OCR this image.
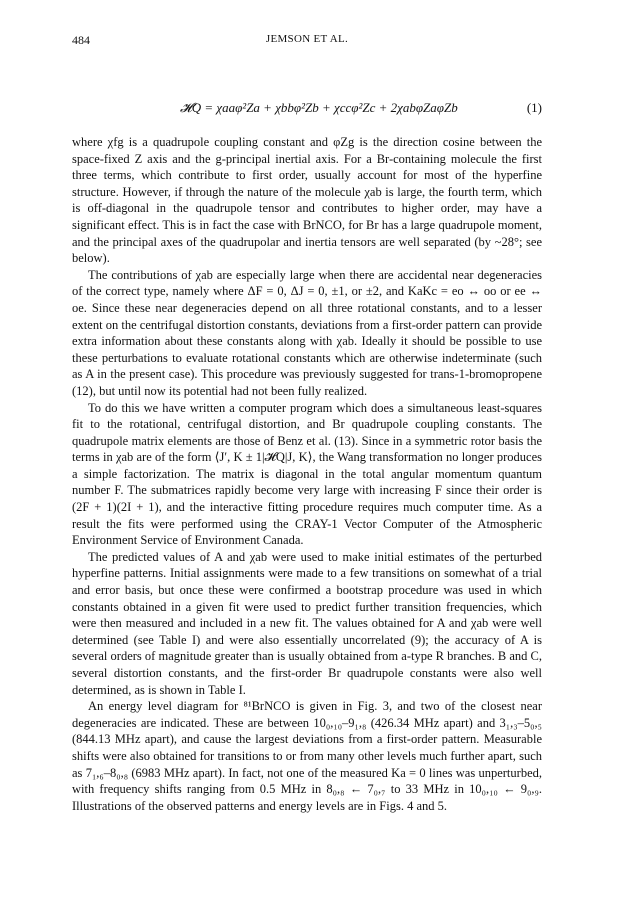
484	JEMSON ET AL.
𝓗Q = χaaφ²Za + χbbφ²Zb + χccφ²Zc + 2χabφZaφZb	(1)

where χfg is a quadrupole coupling constant and φZg is the direction cosine between the space-fixed Z axis and the g-principal inertial axis. For a Br-containing molecule the first three terms, which contribute to first order, usually account for most of the hyperfine structure. However, if through the nature of the molecule χab is large, the fourth term, which is off-diagonal in the quadrupole tensor and contributes to higher order, may have a significant effect. This is in fact the case with BrNCO, for Br has a large quadrupole moment, and the principal axes of the quadrupolar and inertia tensors are well separated (by ~28°; see below).

The contributions of χab are especially large when there are accidental near degeneracies of the correct type, namely where ΔF = 0, ΔJ = 0, ±1, or ±2, and KaKc = eo ↔ oo or ee ↔ oe. Since these near degeneracies depend on all three rotational constants, and to a lesser extent on the centrifugal distortion constants, deviations from a first-order pattern can provide extra information about these constants along with χab. Ideally it should be possible to use these perturbations to evaluate rotational constants which are otherwise indeterminate (such as A in the present case). This procedure was previously suggested for trans-1-bromopropene (12), but until now its potential had not been fully realized.

To do this we have written a computer program which does a simultaneous least-squares fit to the rotational, centrifugal distortion, and Br quadrupole coupling constants. The quadrupole matrix elements are those of Benz et al. (13). Since in a symmetric rotor basis the terms in χab are of the form ⟨J′, K ± 1|𝓗Q|J, K⟩, the Wang transformation no longer produces a simple factorization. The matrix is diagonal in the total angular momentum quantum number F. The submatrices rapidly become very large with increasing F since their order is (2F + 1)(2I + 1), and the interactive fitting procedure requires much computer time. As a result the fits were performed using the CRAY-1 Vector Computer of the Atmospheric Environment Service of Environment Canada.

The predicted values of A and χab were used to make initial estimates of the perturbed hyperfine patterns. Initial assignments were made to a few transitions on somewhat of a trial and error basis, but once these were confirmed a bootstrap procedure was used in which constants obtained in a given fit were used to predict further transition frequencies, which were then measured and included in a new fit. The values obtained for A and χab were well determined (see Table I) and were also essentially uncorrelated (9); the accuracy of A is several orders of magnitude greater than is usually obtained from a-type R branches. B and C, several distortion constants, and the first-order Br quadrupole constants were also well determined, as is shown in Table I.

An energy level diagram for ⁸¹BrNCO is given in Fig. 3, and two of the closest near degeneracies are indicated. These are between 10₀,₁₀–9₁,₈ (426.34 MHz apart) and 3₁,₃–5₀,₅ (844.13 MHz apart), and cause the largest deviations from a first-order pattern. Measurable shifts were also obtained for transitions to or from many other levels much further apart, such as 7₁,₆–8₀,₈ (6983 MHz apart). In fact, not one of the measured Ka = 0 lines was unperturbed, with frequency shifts ranging from 0.5 MHz in 8₀,₈ ← 7₀,₇ to 33 MHz in 10₀,₁₀ ← 9₀,₉. Illustrations of the observed patterns and energy levels are in Figs. 4 and 5.
